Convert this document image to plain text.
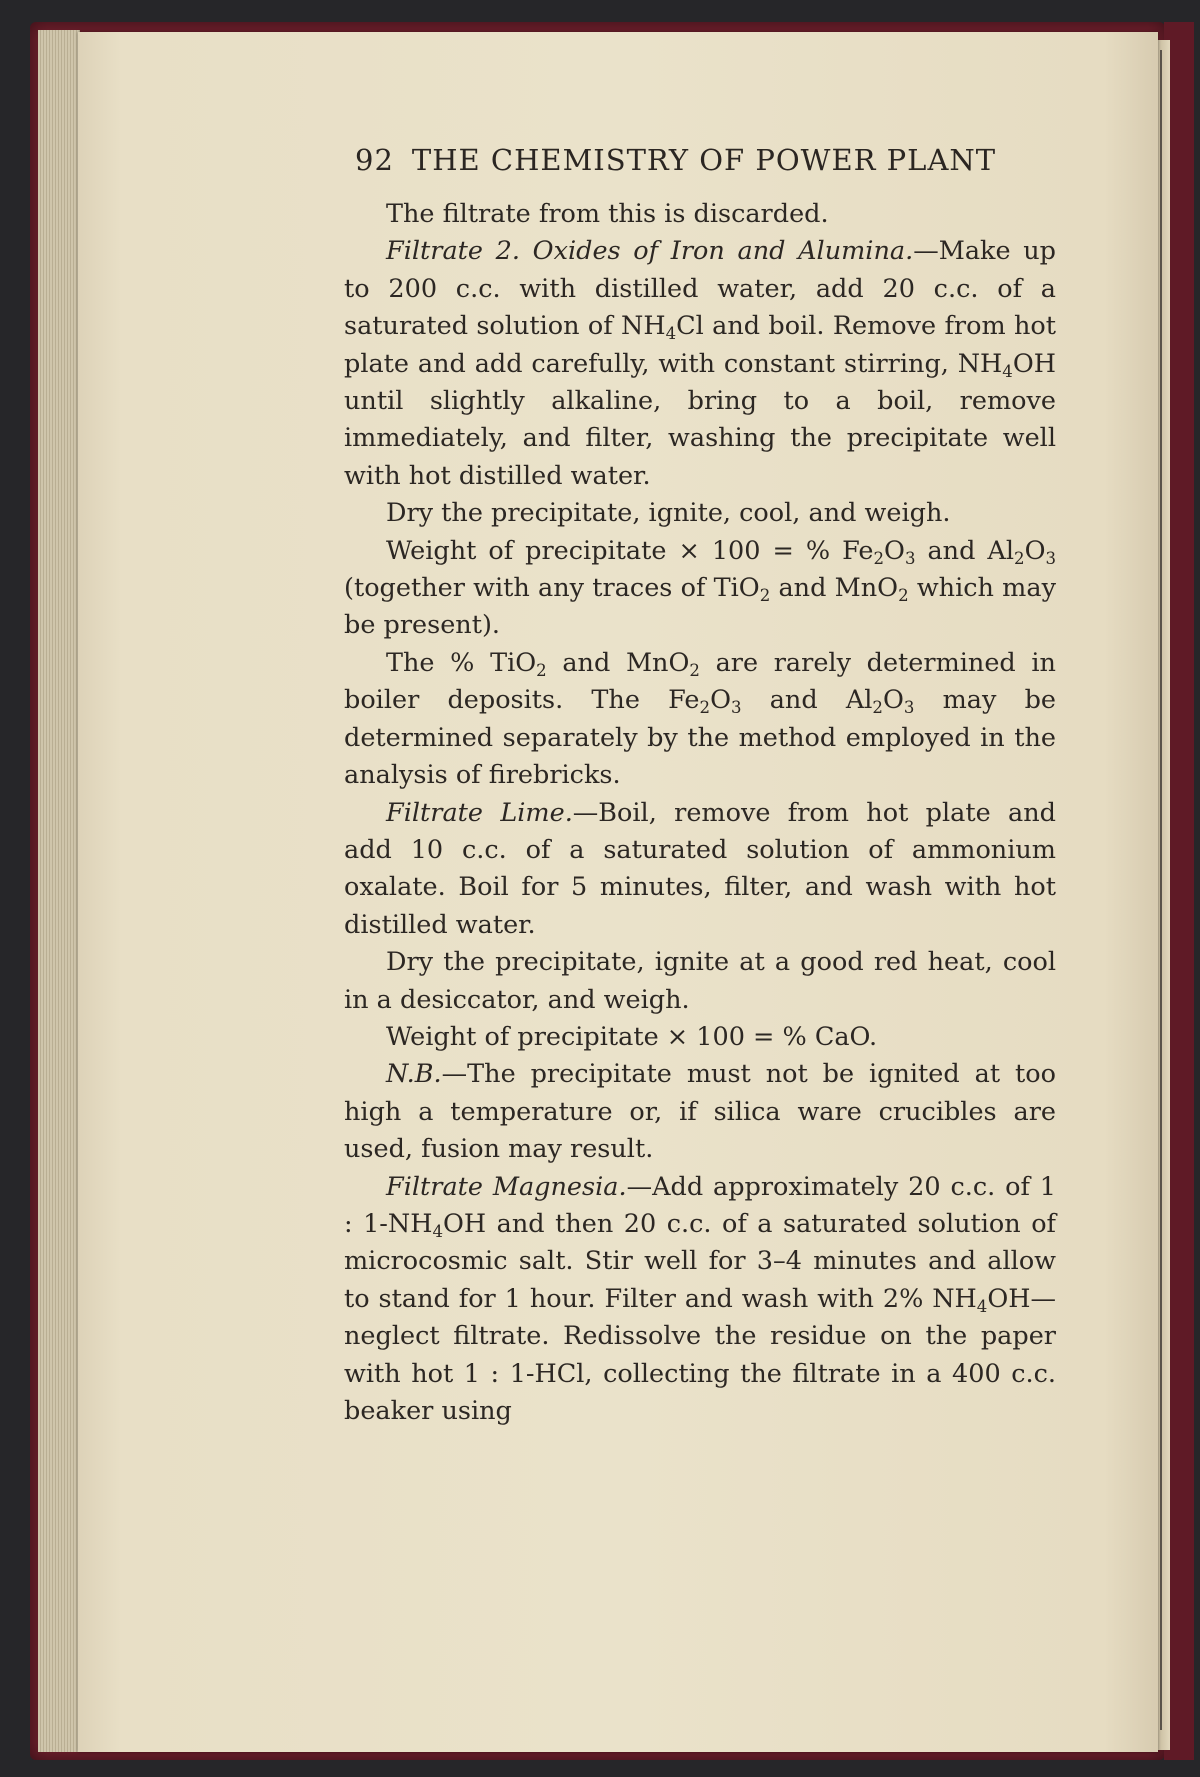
92 THE CHEMISTRY OF POWER PLANT

The filtrate from this is discarded.

Filtrate 2. Oxides of Iron and Alumina.—Make up to 200 c.c. with distilled water, add 20 c.c. of a saturated solution of $NH_4Cl$ and boil. Remove from hot plate and add carefully, with constant stirring, $NH_4OH$ until slightly alkaline, bring to a boil, remove immediately, and filter, washing the precipitate well with hot distilled water.

Dry the precipitate, ignite, cool, and weigh.

Weight of precipitate × 100 = % $Fe_2O_3$ and $Al_2O_3$ (together with any traces of TiO$_2$ and MnO$_2$ which may be present).

The % TiO$_2$ and MnO$_2$ are rarely determined in boiler deposits. The $Fe_2O_3$ and $Al_2O_3$ may be determined separately by the method employed in the analysis of firebricks.

Filtrate Lime.—Boil, remove from hot plate and add 10 c.c. of a saturated solution of ammonium oxalate. Boil for 5 minutes, filter, and wash with hot distilled water.

Dry the precipitate, ignite at a good red heat, cool in a desiccator, and weigh.

Weight of precipitate × 100 = % CaO.

N.B.—The precipitate must not be ignited at too high a temperature or, if silica ware crucibles are used, fusion may result.

Filtrate Magnesia.—Add approximately 20 c.c. of 1 : $1-NH_4OH$ and then 20 c.c. of a saturated solution of microcosmic salt. Stir well for 3–4 minutes and allow to stand for 1 hour. Filter and wash with 2% $NH_4OH—neglect$ filtrate. Redissolve the residue on the paper with hot 1 : 1-HCl, collecting the filtrate in a 400 c.c. beaker using
